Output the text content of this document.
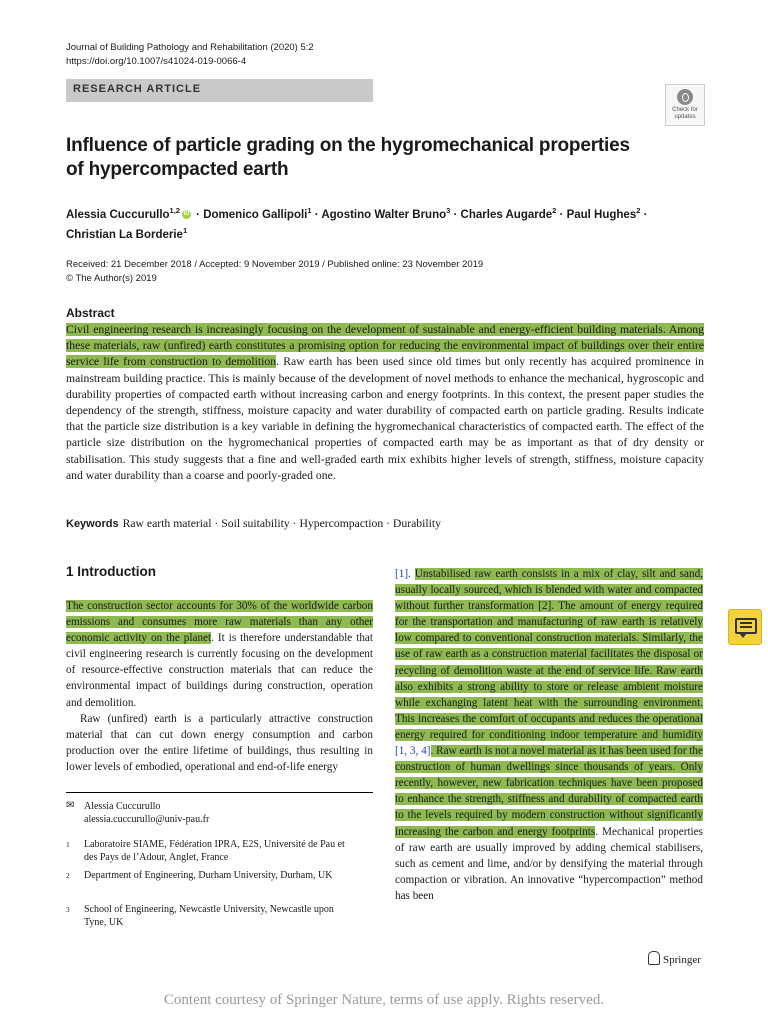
Journal of Building Pathology and Rehabilitation (2020) 5:2
https://doi.org/10.1007/s41024-019-0066-4
RESEARCH ARTICLE
Check for updates
Influence of particle grading on the hygromechanical properties
of hypercompacted earth
Alessia Cuccurullo$^{1,2}$ iD · Domenico Gallipoli$^1$ · Agostino Walter Bruno$^3$ · Charles Augarde$^2$ · Paul Hughes$^2$ ·
Christian La Borderie$^1$
Received: 21 December 2018 / Accepted: 9 November 2019 / Published online: 23 November 2019
© The Author(s) 2019
Abstract
Civil engineering research is increasingly focusing on the development of sustainable and energy-efficient building materials. Among these materials, raw (unfired) earth constitutes a promising option for reducing the environmental impact of buildings over their entire service life from construction to demolition. Raw earth has been used since old times but only recently has acquired prominence in mainstream building practice. This is mainly because of the development of novel methods to enhance the mechanical, hygroscopic and durability properties of compacted earth without increasing carbon and energy footprints. In this context, the present paper studies the dependency of the strength, stiffness, moisture capacity and water durability of compacted earth on particle grading. Results indicate that the particle size distribution is a key variable in defining the hygromechanical characteristics of compacted earth. The effect of the particle size distribution on the hygromechanical properties of compacted earth may be as important as that of dry density or stabilisation. This study suggests that a fine and well-graded earth mix exhibits higher levels of strength, stiffness, moisture capacity and water durability than a coarse and poorly-graded one.
Keywords Raw earth material · Soil suitability · Hypercompaction · Durability
1 Introduction

The construction sector accounts for 30% of the worldwide carbon emissions and consumes more raw materials than any other economic activity on the planet. It is therefore understandable that civil engineering research is currently focusing on the development of resource-effective construction materials that can reduce the environmental impact of buildings during construction, operation and demolition.

Raw (unfired) earth is a particularly attractive construction material that can cut down energy consumption and carbon production over the entire lifetime of buildings, thus resulting in lower levels of embodied, operational and end-of-life energy

[1]. Unstabilised raw earth consists in a mix of clay, silt and sand, usually locally sourced, which is blended with water and compacted without further transformation [2]. The amount of energy required for the transportation and manufacturing of raw earth is relatively low compared to conventional construction materials. Similarly, the use of raw earth as a construction material facilitates the disposal or recycling of demolition waste at the end of service life. Raw earth also exhibits a strong ability to store or release ambient moisture while exchanging latent heat with the surrounding environment. This increases the comfort of occupants and reduces the operational energy required for conditioning indoor temperature and humidity [1, 3, 4]. Raw earth is not a novel material as it has been used for the construction of human dwellings since thousands of years. Only recently, however, new fabrication techniques have been proposed to enhance the strength, stiffness and durability of compacted earth to the levels required by modern construction without significantly increasing the carbon and energy footprints. Mechanical properties of raw earth are usually improved by adding chemical stabilisers, such as cement and lime, and/or by densifying the material through compaction or vibration. An innovative “hypercompaction” method has been
✉ Alessia Cuccurullo
alessia.cuccurullo@univ-pau.fr
1 Laboratoire SIAME, Fédération IPRA, E2S, Université de Pau et des Pays de l’Adour, Anglet, France
2 Department of Engineering, Durham University, Durham, UK
3 School of Engineering, Newcastle University, Newcastle upon Tyne, UK
Springer
Content courtesy of Springer Nature, terms of use apply. Rights reserved.
